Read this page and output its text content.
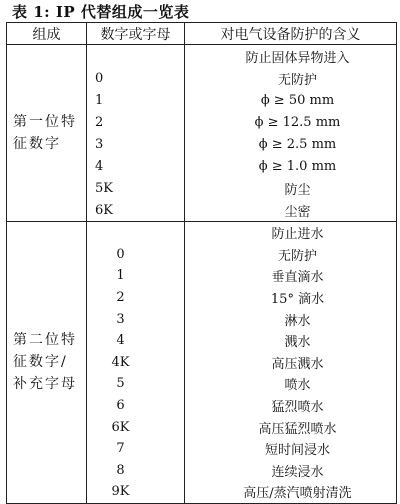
表 1: IP 代替组成一览表
组成	数字或字母	对电气设备防护的含义
第一位特征数字		防止固体异物进入
	0	无防护
	1	ϕ ≥ 50 mm
	2	ϕ ≥ 12.5 mm
	3	ϕ ≥ 2.5 mm
	4	ϕ ≥ 1.0 mm
	5K	防尘
	6K	尘密
第二位特征数字/补充字母		防止进水
	0	无防护
	1	垂直滴水
	2	15° 滴水
	3	淋水
	4	溅水
	4K	高压溅水
	5	喷水
	6	猛烈喷水
	6K	高压猛烈喷水
	7	短时间浸水
	8	连续浸水
	9K	高压/蒸汽喷射清洗
